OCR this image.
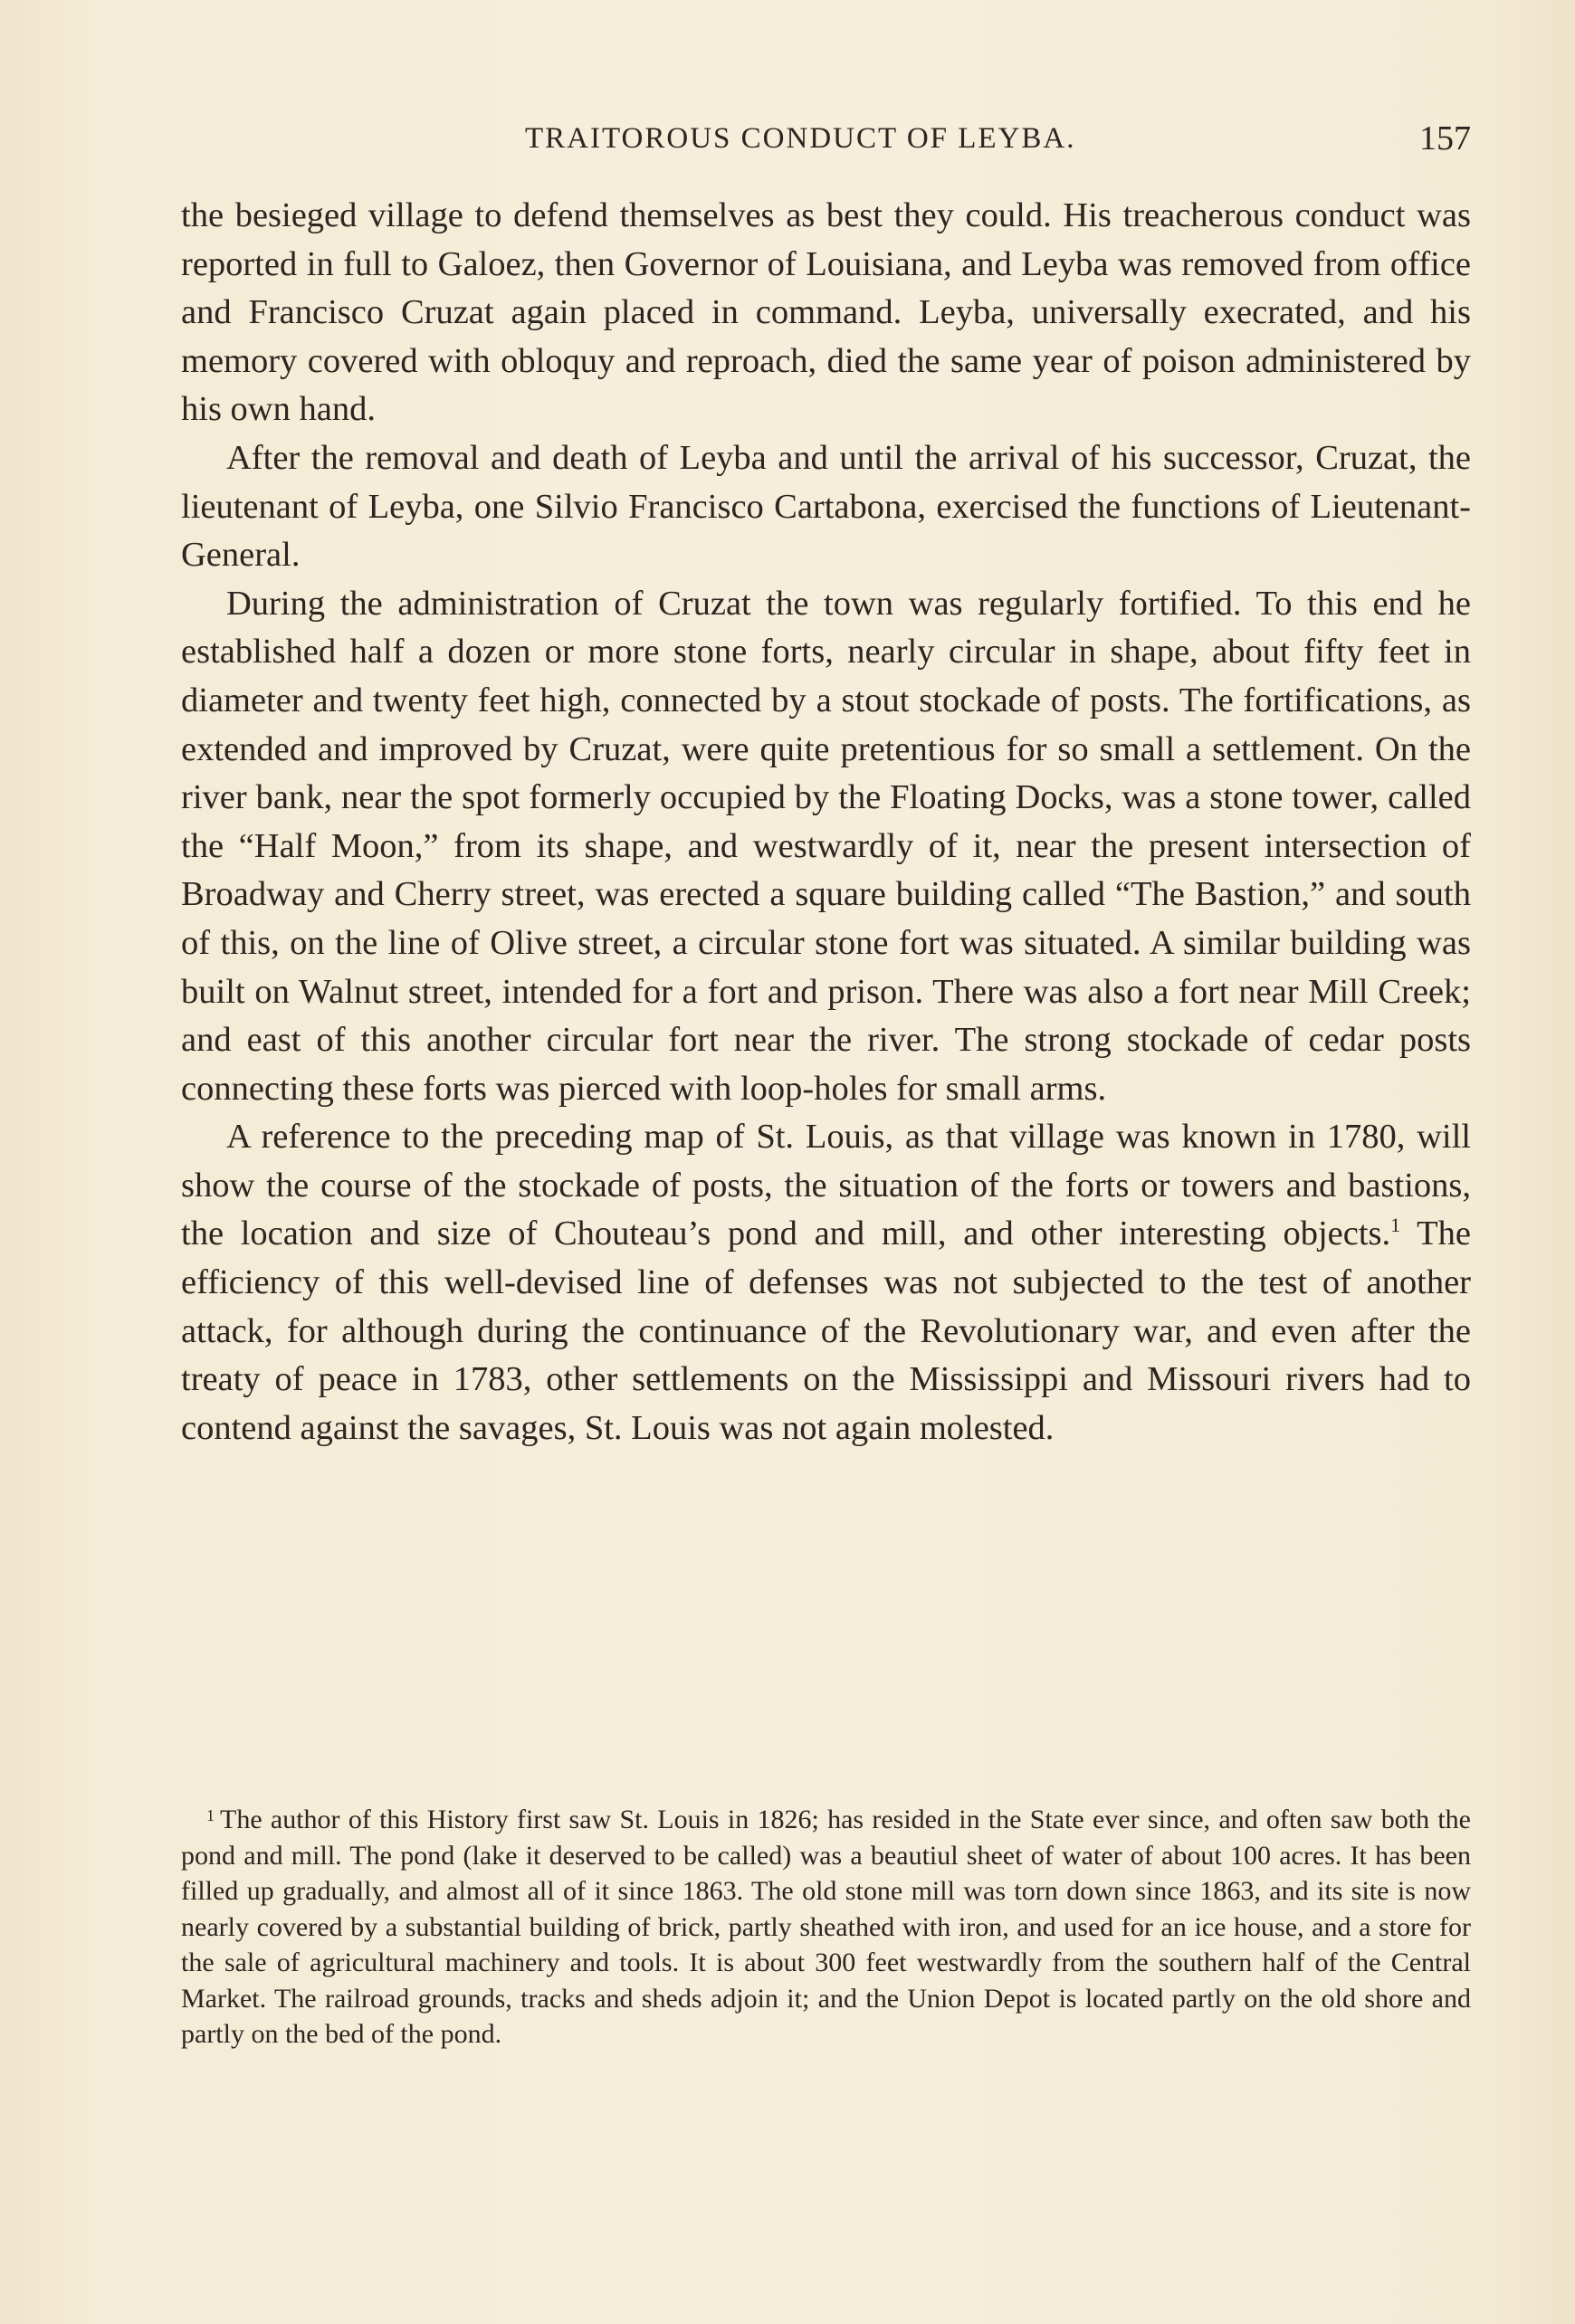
TRAITOROUS CONDUCT OF LEYBA.	157

the besieged village to defend themselves as best they could. His treacherous conduct was reported in full to Galoez, then Governor of Louisiana, and Leyba was removed from office and Francisco Cruzat again placed in command. Leyba, universally execrated, and his memory covered with obloquy and reproach, died the same year of poison administered by his own hand.

After the removal and death of Leyba and until the arrival of his successor, Cruzat, the lieutenant of Leyba, one Silvio Francisco Cartabona, exercised the functions of Lieutenant-General.

During the administration of Cruzat the town was regularly fortified. To this end he established half a dozen or more stone forts, nearly circular in shape, about fifty feet in diameter and twenty feet high, connected by a stout stockade of posts. The fortifications, as extended and improved by Cruzat, were quite pretentious for so small a settlement. On the river bank, near the spot formerly occupied by the Floating Docks, was a stone tower, called the “Half Moon,” from its shape, and westwardly of it, near the present intersection of Broadway and Cherry street, was erected a square building called “The Bastion,” and south of this, on the line of Olive street, a circular stone fort was situated. A similar building was built on Walnut street, intended for a fort and prison. There was also a fort near Mill Creek; and east of this another circular fort near the river. The strong stockade of cedar posts connecting these forts was pierced with loop-holes for small arms.

A reference to the preceding map of St. Louis, as that village was known in 1780, will show the course of the stockade of posts, the situation of the forts or towers and bastions, the location and size of Chouteau’s pond and mill, and other interesting objects.$^1$ The efficiency of this well-devised line of defenses was not subjected to the test of another attack, for although during the continuance of the Revolutionary war, and even after the treaty of peace in 1783, other settlements on the Mississippi and Missouri rivers had to contend against the savages, St. Louis was not again molested.

$^1$ The author of this History first saw St. Louis in 1826; has resided in the State ever since, and often saw both the pond and mill. The pond (lake it deserved to be called) was a beautiul sheet of water of about 100 acres. It has been filled up gradually, and almost all of it since 1863. The old stone mill was torn down since 1863, and its site is now nearly covered by a substantial building of brick, partly sheathed with iron, and used for an ice house, and a store for the sale of agricultural machinery and tools. It is about 300 feet westwardly from the southern half of the Central Market. The railroad grounds, tracks and sheds adjoin it; and the Union Depot is located partly on the old shore and partly on the bed of the pond.
